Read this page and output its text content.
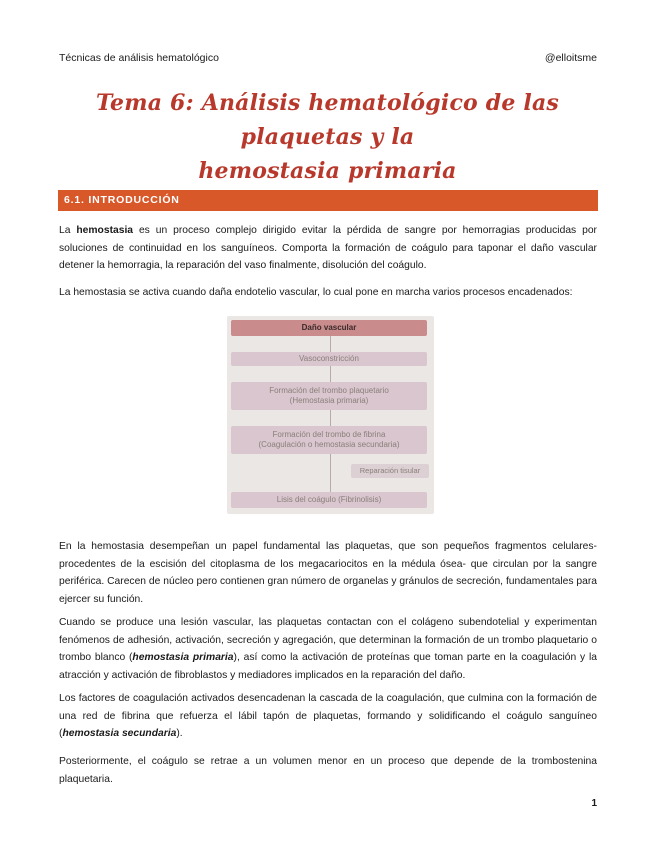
Técnicas de análisis hematológico	@elloitsme
Tema 6: Análisis hematológico de las plaquetas y la
hemostasia primaria
6.1. INTRODUCCIÓN

La hemostasia es un proceso complejo dirigido evitar la pérdida de sangre por hemorragias producidas por soluciones de continuidad en los sanguíneos. Comporta la formación de coágulo para taponar el daño vascular detener la hemorragia, la reparación del vaso finalmente, disolución del coágulo.

La hemostasia se activa cuando daña endotelio vascular, lo cual pone en marcha varios procesos encadenados:

Daño vascular
Vasoconstricción
Formación del trombo plaquetario
(Hemostasia primaria)
Formación del trombo de fibrina
(Coagulación o hemostasia secundaria)
Reparación tisular
Lisis del coágulo (Fibrinolisis)

En la hemostasia desempeñan un papel fundamental las plaquetas, que son pequeños fragmentos celulares-procedentes de la escisión del citoplasma de los megacariocitos en la médula ósea- que circulan por la sangre periférica. Carecen de núcleo pero contienen gran número de organelas y gránulos de secreción, fundamentales para ejercer su función.

Cuando se produce una lesión vascular, las plaquetas contactan con el colágeno subendotelial y experimentan fenómenos de adhesión, activación, secreción y agregación, que determinan la formación de un trombo plaquetario o trombo blanco (hemostasia primaria), así como la activación de proteínas que toman parte en la coagulación y la atracción y activación de fibroblastos y mediadores implicados en la reparación del daño.

Los factores de coagulación activados desencadenan la cascada de la coagulación, que culmina con la formación de una red de fibrina que refuerza el lábil tapón de plaquetas, formando y solidificando el coágulo sanguíneo (hemostasia secundaria).

Posteriormente, el coágulo se retrae a un volumen menor en un proceso que depende de la trombostenina plaquetaria.

1
